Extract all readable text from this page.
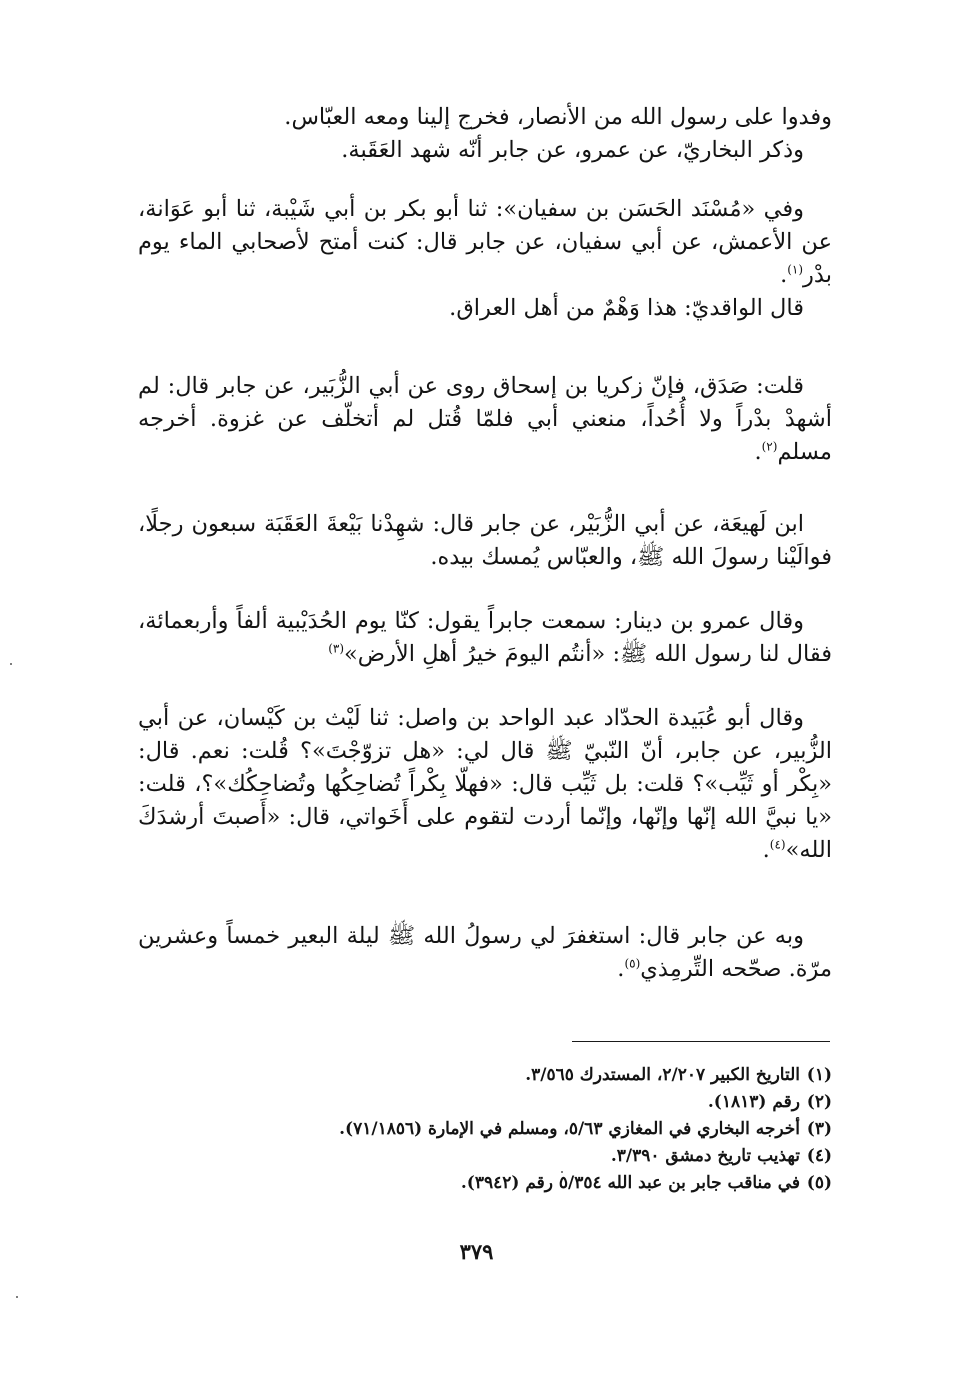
وفدوا على رسول الله من الأنصار، فخرج إلينا ومعه العبّاس.

وذكر البخاريّ، عن عمرو، عن جابر أنّه شهد العَقَبة.

وفي «مُسْنَد الحَسَن بن سفيان»: ثنا أبو بكر بن أبي شَيْبة، ثنا أبو عَوَانة، عن الأعمش، عن أبي سفيان، عن جابر قال: كنت أمتح لأصحابي الماء يوم بدْر$^{(١)}$.

قال الواقديّ: هذا وَهْمٌ من أهل العراق.

قلت: صَدَق، فإنّ زكريا بن إسحاق روى عن أبي الزُّبَير، عن جابر قال: لم أشهدْ بدْراً ولا أُحُداً، منعني أبي فلمّا قُتل لم أتخلّف عن غزوة. أخرجه مسلم$^{(٢)}$.

ابن لَهيعَة، عن أبي الزُّبَيْر، عن جابر قال: شهِدْنا بَيْعةَ العَقَبَة سبعون رجلًا، فوالَيْنا رسولَ الله ﷺ، والعبّاس يُمسك بيده.

وقال عمرو بن دينار: سمعت جابراً يقول: كنّا يوم الحُدَيْبية ألفاً وأربعمائة، فقال لنا رسول الله ﷺ: «أنتُم اليومَ خيرُ أهلِ الأرض»$^{(٣)}$

وقال أبو عُبَيدة الحدّاد عبد الواحد بن واصل: ثنا لَيْث بن كَيْسان، عن أبي الزُّبير، عن جابر، أنّ النّبيّ ﷺ قال لي: «هل تزوّجْتَ»؟ قُلت: نعم. قال: «بِكْر أو ثَيِّب»؟ قلت: بل ثَيِّب قال: «فهلّا بِكْراً تُضاحِكُها وتُضاحِكُك»؟، قلت: «يا نبيَّ الله إنّها وإنّها، وإنّما أردت لتقوم على أَخَواتي، قال: «أَصبتَ أرشدَكَ الله»$^{(٤)}$.

وبه عن جابر قال: استغفرَ لي رسولُ الله ﷺ ليلة البعير خمساً وعشرين مرّة. صحّحه التِّرمِذي$^{(٥)}$.

(١)التاريخ الكبير ٢/٢٠٧، المستدرك ٣/٥٦٥.

(٢)رقم (١٨١٣).

(٣)أخرجه البخاري في المغازي ٥/٦٣، ومسلم في الإمارة (٧١/١٨٥٦).

(٤)تهذيب تاريخ دمشق ٣/٣٩٠.

(٥)في مناقب جابر بن عبد الله ٥/٣٥٤ رقم (٣٩٤٢).

٣٧٩
